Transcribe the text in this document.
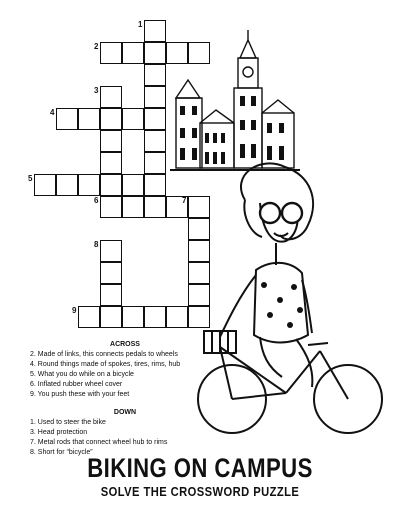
1
2
3
4
5
6	7
8
9
ACROSS
2. Made of links, this connects pedals to wheels
4. Round things made of spokes, tires, rims, hub
5. What you do while on a bicycle
6. Inflated rubber wheel cover
9. You push these with your feet
DOWN
1. Used to steer the bike
3. Head protection
7. Metal rods that connect wheel hub to rims
8. Short for “bicycle”
BIKING ON CAMPUS
SOLVE THE CROSSWORD PUZZLE
